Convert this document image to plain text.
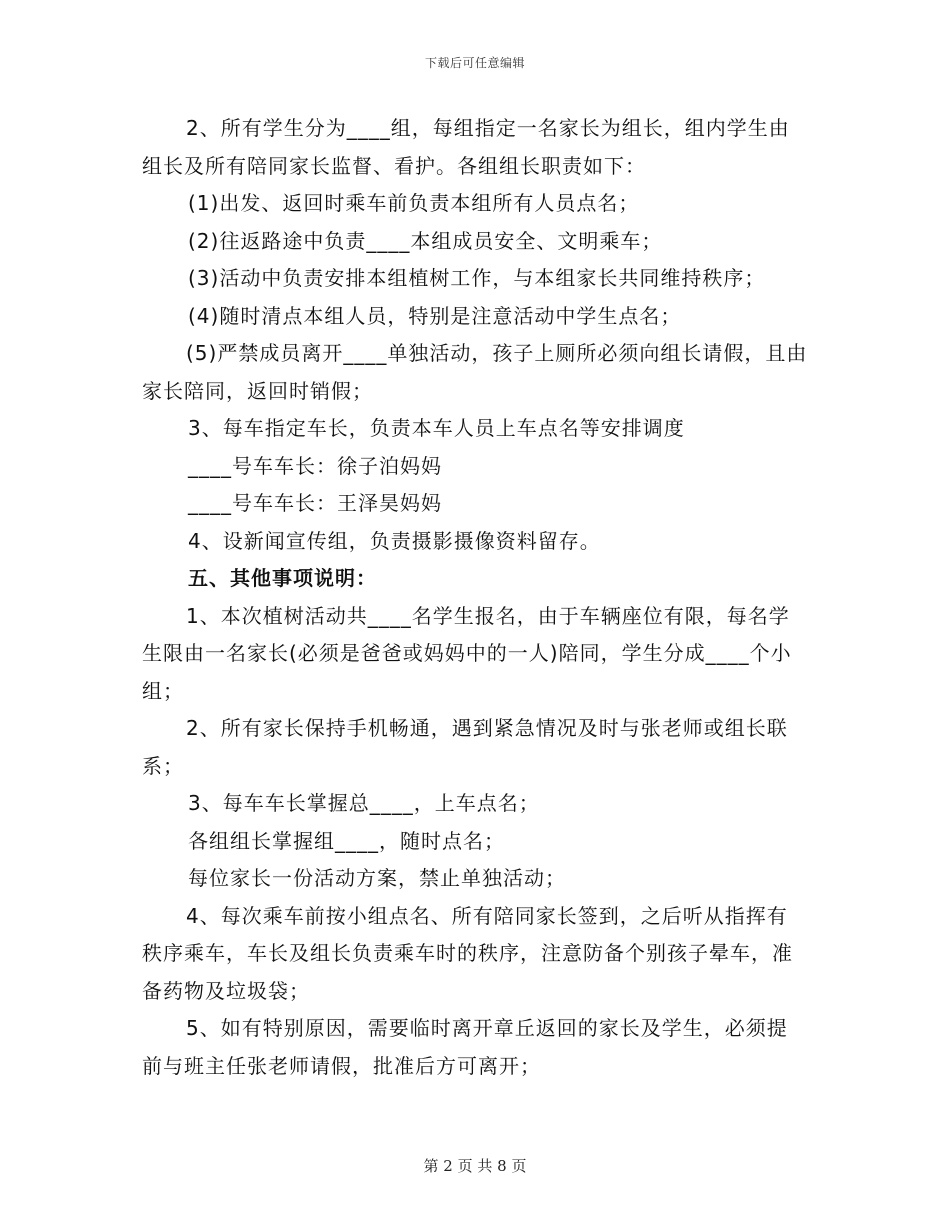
下载后可任意编辑

2、所有学生分为____组，每组指定一名家长为组长，组内学生由组长及所有陪同家长监督、看护。各组组长职责如下：

(1)出发、返回时乘车前负责本组所有人员点名；

(2)往返路途中负责____本组成员安全、文明乘车；

(3)活动中负责安排本组植树工作，与本组家长共同维持秩序；

(4)随时清点本组人员，特别是注意活动中学生点名；

(5)严禁成员离开____单独活动，孩子上厕所必须向组长请假，且由家长陪同，返回时销假；

3、每车指定车长，负责本车人员上车点名等安排调度

____号车车长：徐子泊妈妈

____号车车长：王泽昊妈妈

4、设新闻宣传组，负责摄影摄像资料留存。

五、其他事项说明：

1、本次植树活动共____名学生报名，由于车辆座位有限，每名学生限由一名家长(必须是爸爸或妈妈中的一人)陪同，学生分成____个小组；

2、所有家长保持手机畅通，遇到紧急情况及时与张老师或组长联系；

3、每车车长掌握总____，上车点名；

各组组长掌握组____，随时点名；

每位家长一份活动方案，禁止单独活动；

4、每次乘车前按小组点名、所有陪同家长签到，之后听从指挥有秩序乘车，车长及组长负责乘车时的秩序，注意防备个别孩子晕车，准备药物及垃圾袋；

5、如有特别原因，需要临时离开章丘返回的家长及学生，必须提前与班主任张老师请假，批准后方可离开；

第 2 页 共 8 页
